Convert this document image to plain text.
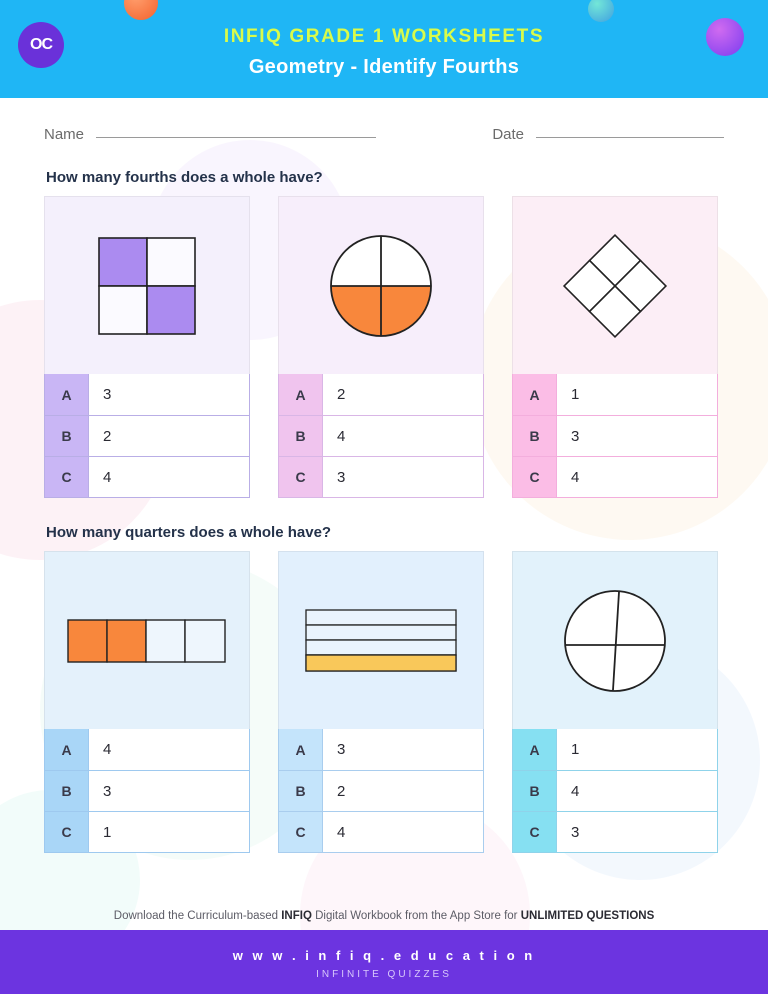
OC	INFIQ GRADE 1 WORKSHEETS
Geometry - Identify Fourths
Name	Date
How many fourths does a whole have?
A	3
B	2
C	4
A	2
B	4
C	3
A	1
B	3
C	4
How many quarters does a whole have?
A	4
B	3
C	1
A	3
B	2
C	4
A	1
B	4
C	3
Download the Curriculum-based INFIQ Digital Workbook from the App Store for UNLIMITED QUESTIONS
w w w . i n f i q . e d u c a t i o n
INFINITE QUIZZES
